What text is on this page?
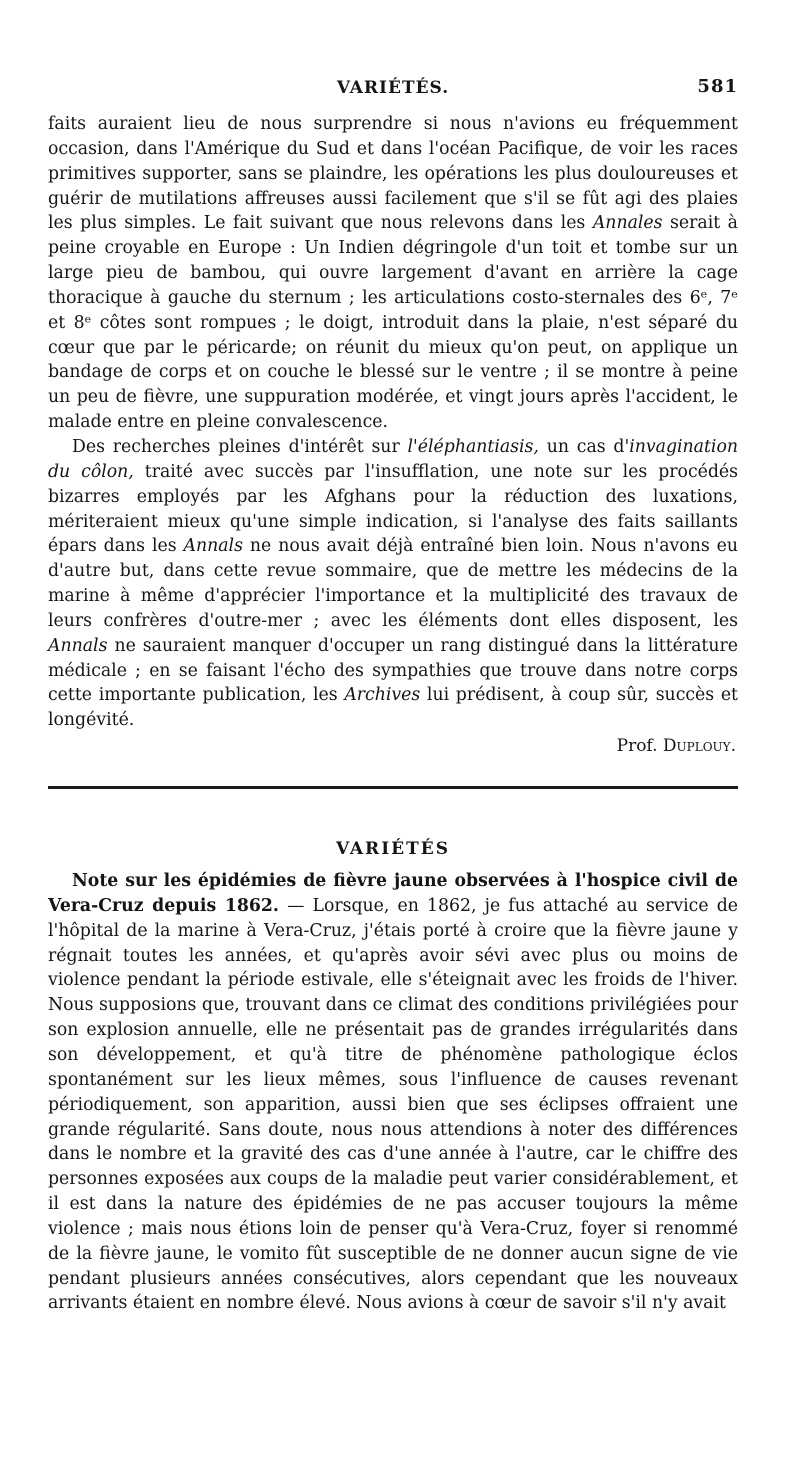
VARIÉTÉS.	581

faits auraient lieu de nous surprendre si nous n'avions eu fréquemment occasion, dans l'Amérique du Sud et dans l'océan Pacifique, de voir les races primitives supporter, sans se plaindre, les opérations les plus douloureuses et guérir de mutilations affreuses aussi facilement que s'il se fût agi des plaies les plus simples. Le fait suivant que nous relevons dans les Annales serait à peine croyable en Europe : Un Indien dégringole d'un toit et tombe sur un large pieu de bambou, qui ouvre largement d'avant en arrière la cage thoracique à gauche du sternum ; les articulations costo-sternales des 6ᵉ, 7ᵉ et 8ᵉ côtes sont rompues ; le doigt, introduit dans la plaie, n'est séparé du cœur que par le péricarde; on réunit du mieux qu'on peut, on applique un bandage de corps et on couche le blessé sur le ventre ; il se montre à peine un peu de fièvre, une suppuration modérée, et vingt jours après l'accident, le malade entre en pleine convalescence.

Des recherches pleines d'intérêt sur l'éléphantiasis, un cas d'invagination du côlon, traité avec succès par l'insufflation, une note sur les procédés bizarres employés par les Afghans pour la réduction des luxations, mériteraient mieux qu'une simple indication, si l'analyse des faits saillants épars dans les Annals ne nous avait déjà entraîné bien loin. Nous n'avons eu d'autre but, dans cette revue sommaire, que de mettre les médecins de la marine à même d'apprécier l'importance et la multiplicité des travaux de leurs confrères d'outre-mer ; avec les éléments dont elles disposent, les Annals ne sauraient manquer d'occuper un rang distingué dans la littérature médicale ; en se faisant l'écho des sympathies que trouve dans notre corps cette importante publication, les Archives lui prédisent, à coup sûr, succès et longévité.

Prof. Duplouy.
VARIÉTÉS

Note sur les épidémies de fièvre jaune observées à l'hospice civil de Vera-Cruz depuis 1862. — Lorsque, en 1862, je fus attaché au service de l'hôpital de la marine à Vera-Cruz, j'étais porté à croire que la fièvre jaune y régnait toutes les années, et qu'après avoir sévi avec plus ou moins de violence pendant la période estivale, elle s'éteignait avec les froids de l'hiver. Nous supposions que, trouvant dans ce climat des conditions privilégiées pour son explosion annuelle, elle ne présentait pas de grandes irrégularités dans son développement, et qu'à titre de phénomène pathologique éclos spontanément sur les lieux mêmes, sous l'influence de causes revenant périodiquement, son apparition, aussi bien que ses éclipses offraient une grande régularité. Sans doute, nous nous attendions à noter des différences dans le nombre et la gravité des cas d'une année à l'autre, car le chiffre des personnes exposées aux coups de la maladie peut varier considérablement, et il est dans la nature des épidémies de ne pas accuser toujours la même violence ; mais nous étions loin de penser qu'à Vera-Cruz, foyer si renommé de la fièvre jaune, le vomito fût susceptible de ne donner aucun signe de vie pendant plusieurs années consécutives, alors cependant que les nouveaux arrivants étaient en nombre élevé. Nous avions à cœur de savoir s'il n'y avait
